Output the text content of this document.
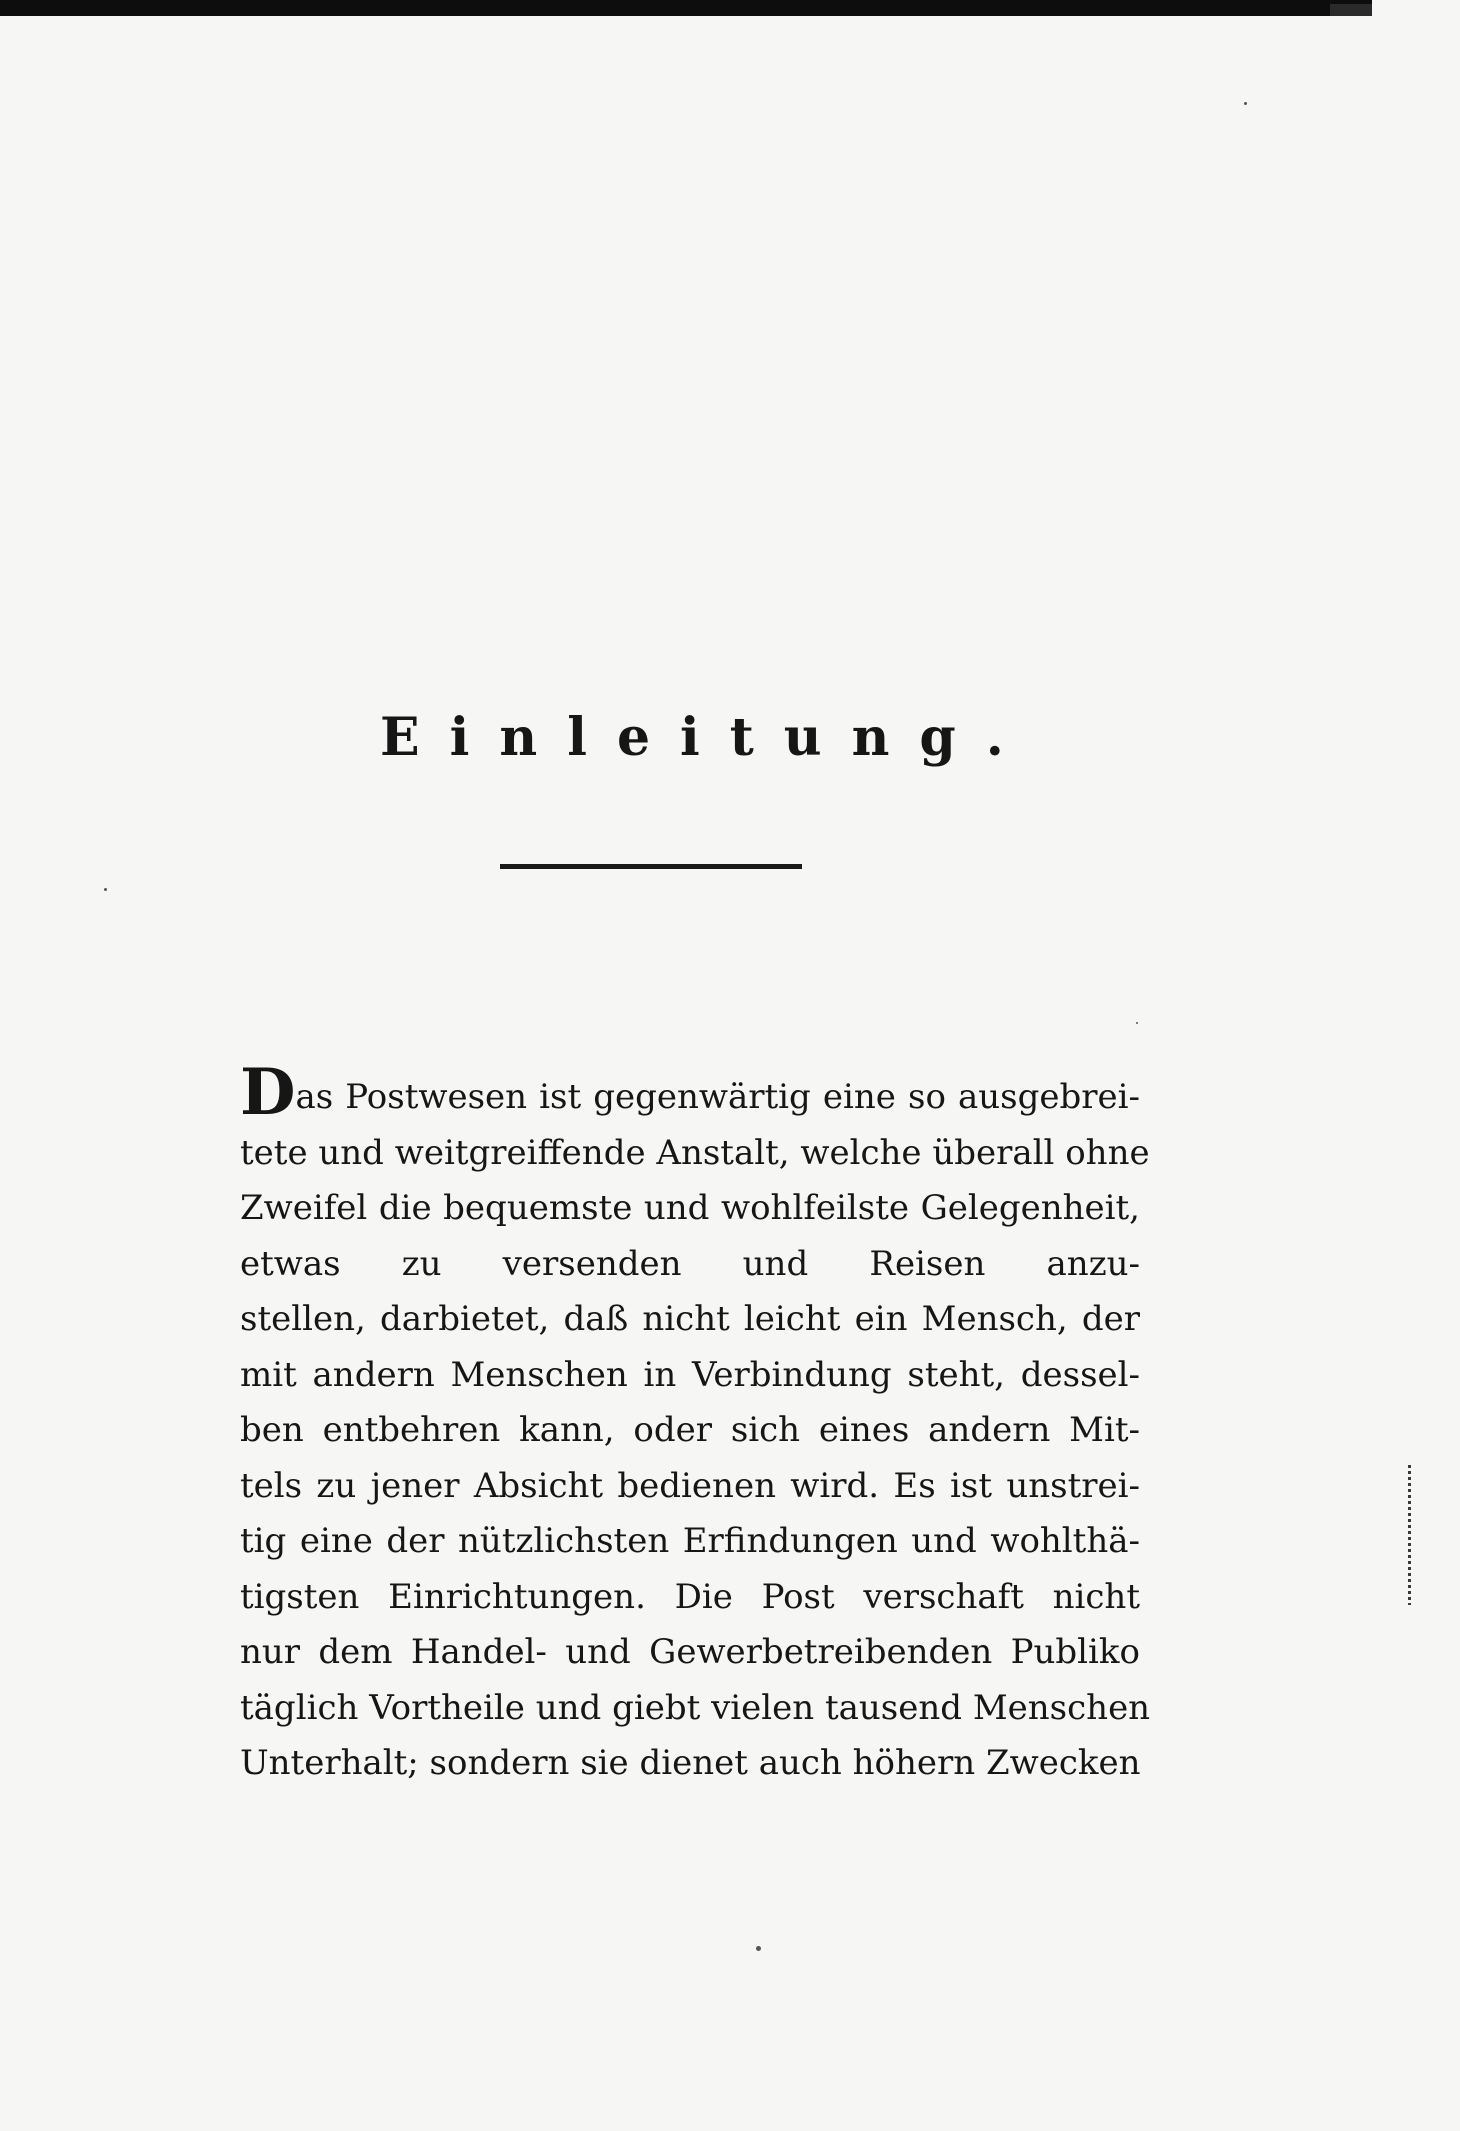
Einleitung.
Das Postwesen ist gegenwärtig eine so ausgebrei-
tete und weitgreiffende Anstalt, welche überall ohne
Zweifel die bequemste und wohlfeilste Gelegenheit,
etwas zu versenden und Reisen anzu-
stellen, darbietet, daß nicht leicht ein Mensch, der
mit andern Menschen in Verbindung steht, dessel-
ben entbehren kann, oder sich eines andern Mit-
tels zu jener Absicht bedienen wird. Es ist unstrei-
tig eine der nützlichsten Erfindungen und wohlthä-
tigsten Einrichtungen. Die Post verschaft nicht
nur dem Handel- und Gewerbetreibenden Publiko
täglich Vortheile und giebt vielen tausend Menschen
Unterhalt; sondern sie dienet auch höhern Zwecken
